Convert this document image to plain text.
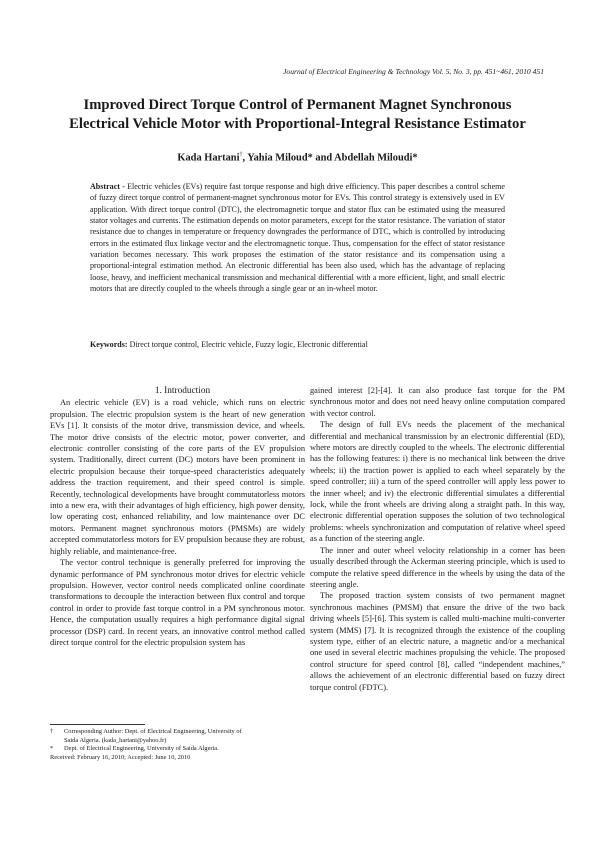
Journal of Electrical Engineering & Technology Vol. 5, No. 3, pp. 451~461, 2010 451
Improved Direct Torque Control of Permanent Magnet Synchronous
Electrical Vehicle Motor with Proportional-Integral Resistance Estimator
Kada Hartani†, Yahia Miloud* and Abdellah Miloudi*
Abstract - Electric vehicles (EVs) require fast torque response and high drive efficiency. This paper describes a control scheme of fuzzy direct torque control of permanent-magnet synchronous motor for EVs. This control strategy is extensively used in EV application. With direct torque control (DTC), the electromagnetic torque and stator flux can be estimated using the measured stator voltages and currents. The estimation depends on motor parameters, except for the stator resistance. The variation of stator resistance due to changes in temperature or frequency downgrades the performance of DTC, which is controlled by introducing errors in the estimated flux linkage vector and the electromagnetic torque. Thus, compensation for the effect of stator resistance variation becomes necessary. This work proposes the estimation of the stator resistance and its compensation using a proportional-integral estimation method. An electronic differential has been also used, which has the advantage of replacing loose, heavy, and inefficient mechanical transmission and mechanical differential with a more efficient, light, and small electric motors that are directly coupled to the wheels through a single gear or an in-wheel motor.
Keywords: Direct torque control, Electric vehicle, Fuzzy logic, Electronic differential

1. Introduction

An electric vehicle (EV) is a road vehicle, which runs on electric propulsion. The electric propulsion system is the heart of new generation EVs [1]. It consists of the motor drive, transmission device, and wheels. The motor drive consists of the electric motor, power converter, and electronic controller consisting of the core parts of the EV propulsion system. Traditionally, direct current (DC) motors have been prominent in electric propulsion because their torque-speed characteristics adequately address the traction requirement, and their speed control is simple. Recently, technological developments have brought commutatorless motors into a new era, with their advantages of high efficiency, high power density, low operating cost, enhanced reliability, and low maintenance over DC motors. Permanent magnet synchronous motors (PMSMs) are widely accepted commutatorless motors for EV propulsion because they are robust, highly reliable, and maintenance-free.

The vector control technique is generally preferred for improving the dynamic performance of PM synchronous motor drives for electric vehicle propulsion. However, vector control needs complicated online coordinate transformations to decouple the interaction between flux control and torque control in order to provide fast torque control in a PM synchronous motor. Hence, the computation usually requires a high performance digital signal processor (DSP) card. In recent years, an innovative control method called direct torque control for the electric propulsion system has

gained interest [2]-[4]. It can also produce fast torque for the PM synchronous motor and does not need heavy online computation compared with vector control.

The design of full EVs needs the placement of the mechanical differential and mechanical transmission by an electronic differential (ED), where motors are directly coupled to the wheels. The electronic differential has the following features: i) there is no mechanical link between the drive wheels; ii) the traction power is applied to each wheel separately by the speed controller; iii) a turn of the speed controller will apply less power to the inner wheel; and iv) the electronic differential simulates a differential lock, while the front wheels are driving along a straight path. In this way, electronic differential operation supposes the solution of two technological problems: wheels synchronization and computation of relative wheel speed as a function of the steering angle.

The inner and outer wheel velocity relationship in a corner has been usually described through the Ackerman steering principle, which is used to compute the relative speed difference in the wheels by using the data of the steering angle.

The proposed traction system consists of two permanent magnet synchronous machines (PMSM) that ensure the drive of the two back driving wheels [5]-[6]. This system is called multi-machine multi-converter system (MMS) [7]. It is recognized through the existence of the coupling system type, either of an electric nature, a magnetic and/or a mechanical one used in several electric machines propulsing the vehicle. The proposed control structure for speed control [8], called “independent machines,” allows the achievement of an electronic differential based on fuzzy direct torque control (FDTC).

†	Corresponding Author: Dept. of Electrical Engineering, University of
Saida Algeria. (kada_hartani@yahoo.fr)
*	Dept. of Electrical Engineering, University of Saida Algeria.
Received: February 16, 2010; Accepted: June 10, 2010
